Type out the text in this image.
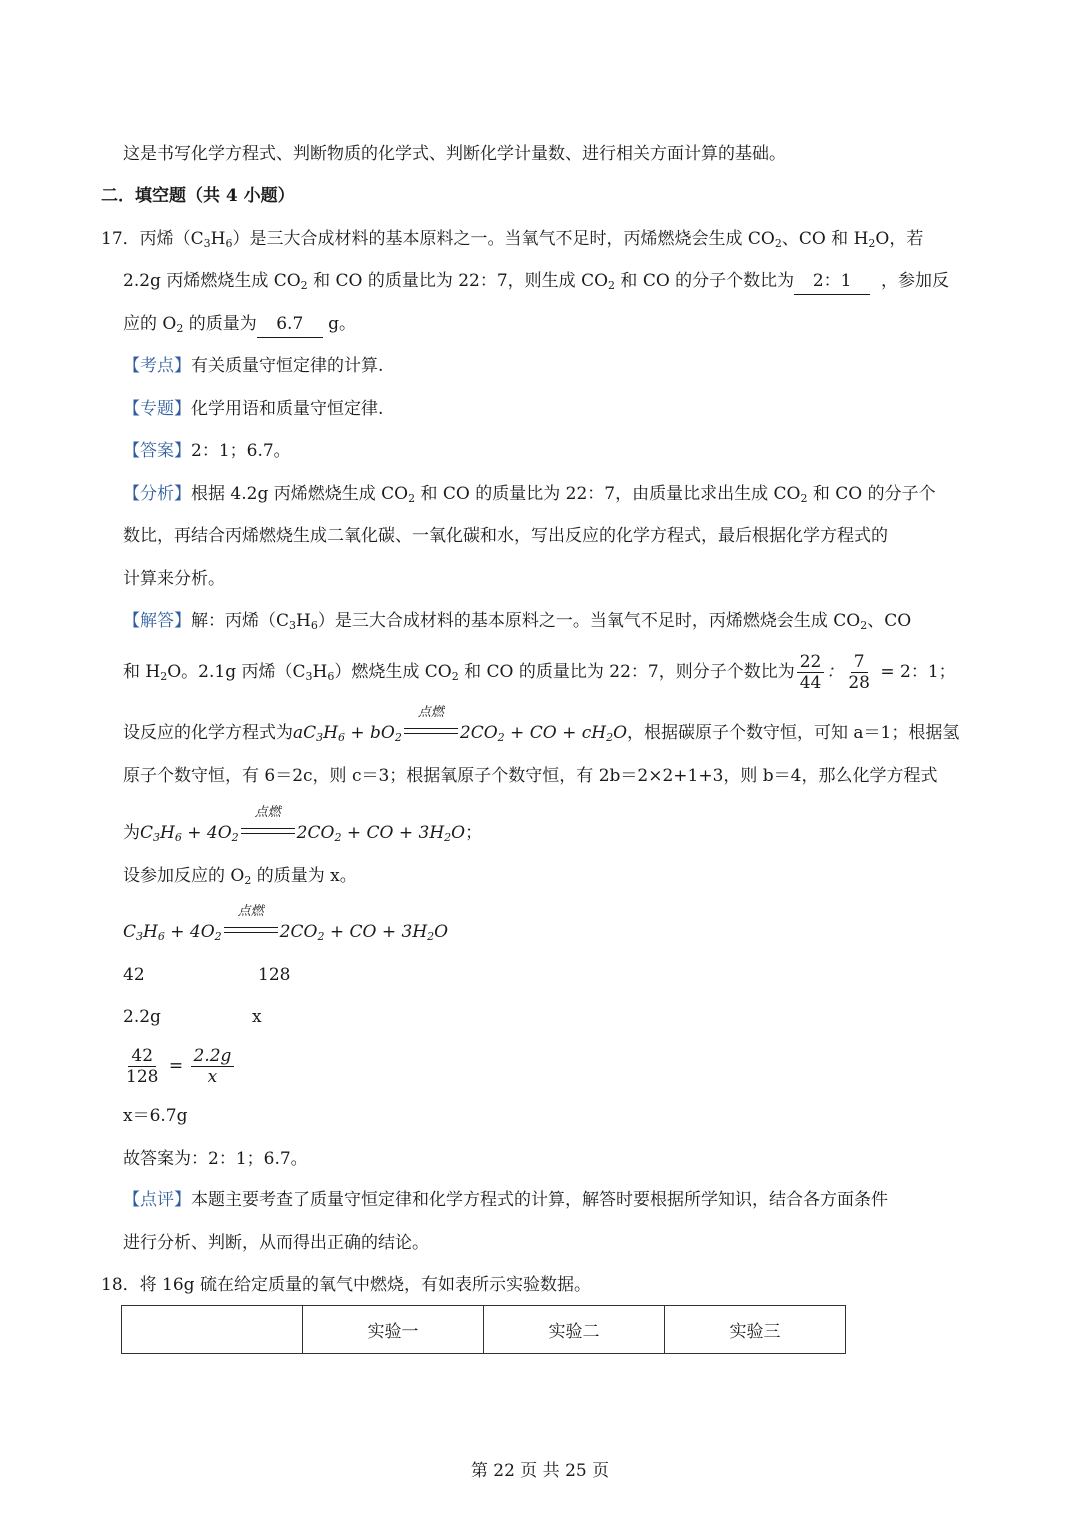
这是书写化学方程式、判断物质的化学式、判断化学计量数、进行相关方面计算的基础。
二．填空题（共 4 小题）
17．丙烯$(C_3H_6)$是三大合成材料的基本原料之一。当氧气不足时，丙烯燃烧会生成 $CO_2$、CO 和 $H_2O$，若
2.2g 丙烯燃烧生成 $CO_2$ 和 CO 的质量比为 22：7，则生成 $CO_2$ 和 CO 的分子个数比为 2：1 ，参加反
应的 $O_2$ 的质量为 6.7 g。
【考点】有关质量守恒定律的计算.
【专题】化学用语和质量守恒定律.
【答案】2：1；6.7。
【分析】根据 4.2g 丙烯燃烧生成 $CO_2$ 和 CO 的质量比为 22：7，由质量比求出生成 $CO_2$ 和 CO 的分子个
数比，再结合丙烯燃烧生成二氧化碳、一氧化碳和水，写出反应的化学方程式，最后根据化学方程式的
计算来分析。
【解答】解：丙烯$(C_3H_6)$是三大合成材料的基本原料之一。当氧气不足时，丙烯燃烧会生成 $CO_2$、CO
和 $H_2O$。2.1g 丙烯$(C_3H_6)$燃烧生成 $CO_2$ 和 CO 的质量比为 22：7，则分子个数比为 $\frac{22}{44}$ ： $\frac{7}{28} = 2$：1；
设反应的化学方程式为$aC_3H_6 + bO_2$
点燃
$2CO_2$ + CO + $cH_2O$，根据碳原子个数守恒，可知 a＝1；根据氢
原子个数守恒，有 6＝2c，则 c＝3；根据氧原子个数守恒，有 2b＝2×2+1+3，则 b＝4，那么化学方程式
为$C_3H_6 + 4O_2$
点燃
$2CO_2$ + CO + $3H_2O$；
设参加反应的 $O_2$ 的质量为 x。
$C_3H_6 + 4O_2$
点燃
$2CO_2$ + CO + $3H_2O$
42	128
2.2g	x
$\frac{42}{128} = \frac{2.2g}{x}$
x＝6.7g
故答案为：2：1；6.7。
【点评】本题主要考查了质量守恒定律和化学方程式的计算，解答时要根据所学知识，结合各方面条件
进行分析、判断，从而得出正确的结论。
18．将 16g 硫在给定质量的氧气中燃烧，有如表所示实验数据。
	实验一	实验二	实验三
第 22 页 共 25 页
